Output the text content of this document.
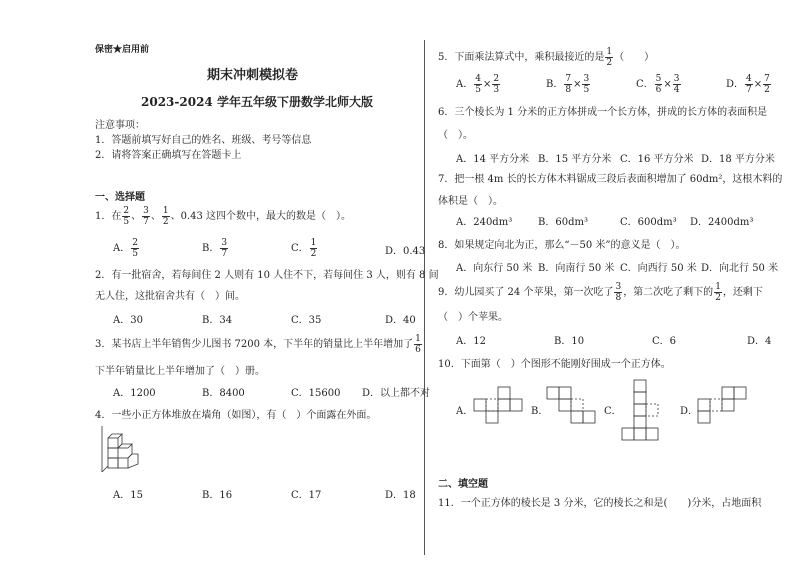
保密★启用前
期末冲刺模拟卷
2023-2024 学年五年级下册数学北师大版
注意事项：
1．答题前填写好自己的姓名、班级、考号等信息
2．请将答案正确填写在答题卡上
一、选择题
1．在 $\frac{2}{5}$ 、 $\frac{3}{7}$ 、 $\frac{1}{2}$ 、0.43 这四个数中，最大的数是（　）。
A． $\frac{2}{5}$	B． $\frac{3}{7}$	C． $\frac{1}{2}$	D．0.43
2．有一批宿舍，若每间住 2 人则有 10 人住不下，若每间住 3 人，则有 8 间
无人住，这批宿舍共有（　）间。
A．30	B．34	C．35	D．40
3．某书店上半年销售少儿图书 7200 本，下半年的销量比上半年增加了 $\frac{1}{6}$
下半年销量比上半年增加了（　）册。
A．1200	B．8400	C．15600 D．以上都不对
4．一些小正方体堆放在墙角（如图），有（　）个面露在外面。
A．15	B．16	C．17	D．18
5．下面乘法算式中，乘积最接近的是 $\frac{1}{2}$ （　　）
A． $\frac{4}{5} \times \frac{2}{3}$	B． $\frac{7}{8} \times \frac{3}{5}$	C． $\frac{5}{6} \times \frac{3}{4}$	D． $\frac{4}{7} \times \frac{7}{2}$
6．三个棱长为 1 分米的正方体拼成一个长方体，拼成的长方体的表面积是
（　）。
A．14 平方分米 B．15 平方分米 C．16 平方分米 D．18 平方分米
7．把一根 4m 长的长方体木料锯成三段后表面积增加了 60dm²，这根木料的
体积是（　）。
A．240dm³	B．60dm³	C．600dm³ D．2400dm³
8．如果规定向北为正，那么“－50 米”的意义是（　）。
A．向东行 50 米 B．向南行 50 米 C．向西行 50 米 D．向北行 50 米
9．幼儿园买了 24 个苹果，第一次吃了 $\frac{3}{8}$ ，第二次吃了剩下的 $\frac{1}{2}$ ，还剩下
（　）个苹果。
A．12	B．10	C．6	D．4
10．下面第（　）个图形不能刚好围成一个正方体。
A．	B．	C．	D．
二、填空题
11．一个正方体的棱长是 3 分米，它的棱长之和是(　　)分米，占地面积
